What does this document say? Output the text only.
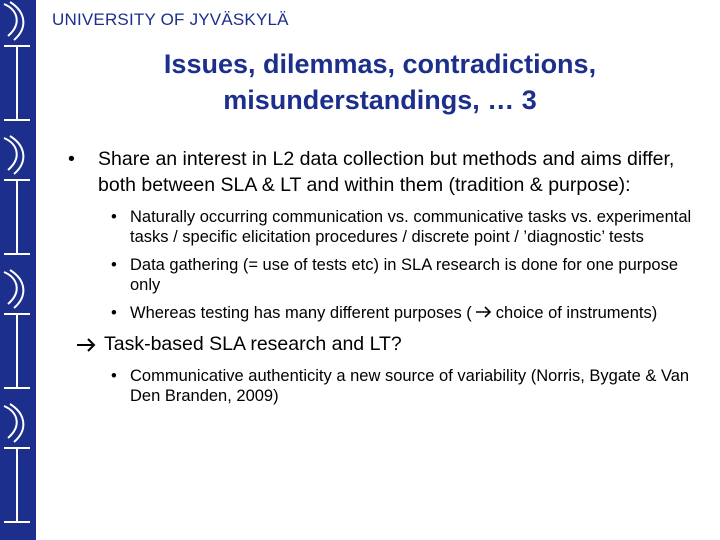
UNIVERSITY OF JYVÄSKYLÄ
Issues, dilemmas, contradictions,
misunderstandings, … 3
• Share an interest in L2 data collection but methods and aims differ, both between SLA & LT and within them (tradition & purpose):
• Naturally occurring communication vs. communicative tasks vs. experimental tasks / specific elicitation procedures / discrete point / ’diagnostic’ tests
• Data gathering (= use of tests etc) in SLA research is done for one purpose only
• Whereas testing has many different purposes ( choice of instruments)
Task-based SLA research and LT?
• Communicative authenticity a new source of variability (Norris, Bygate & Van Den Branden, 2009)
